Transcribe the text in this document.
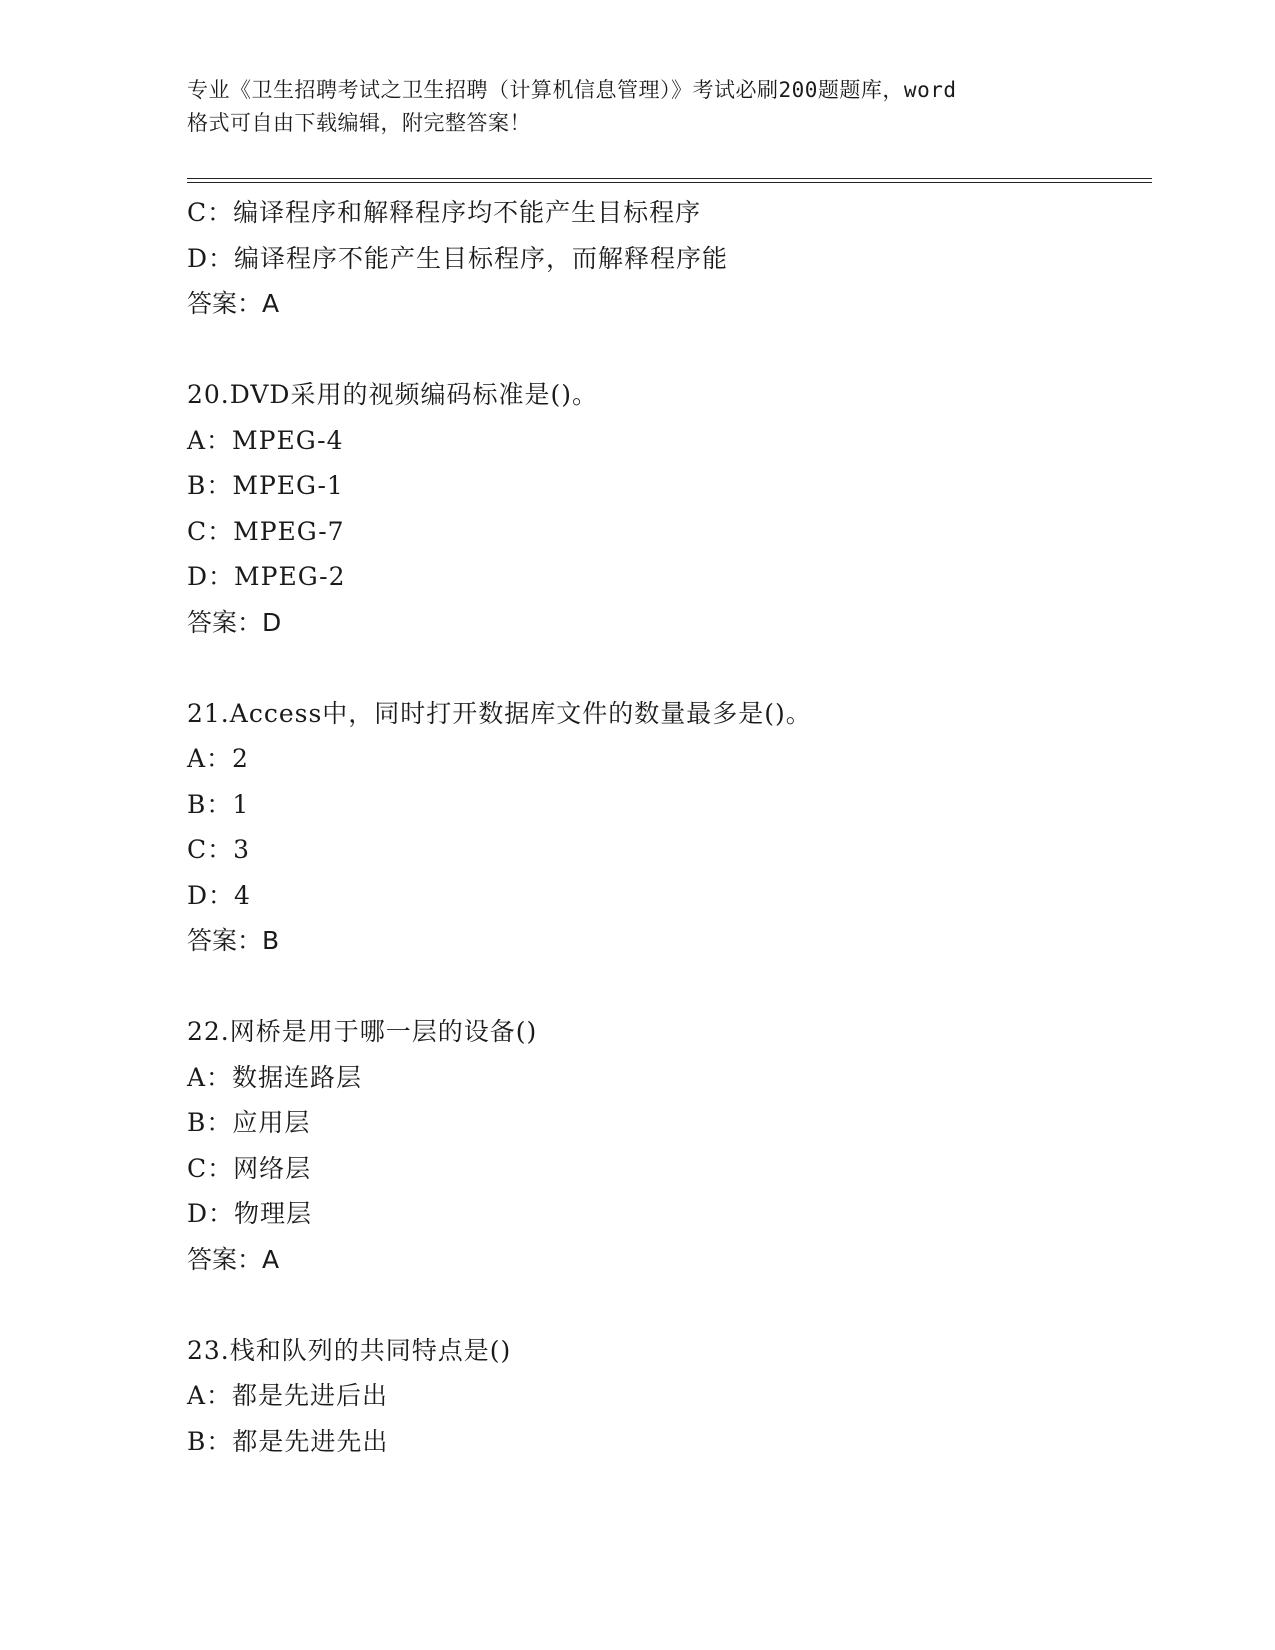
专业《卫生招聘考试之卫生招聘（计算机信息管理）》考试必刷200题题库，word
格式可自由下载编辑，附完整答案！
C：编译程序和解释程序均不能产生目标程序
D：编译程序不能产生目标程序，而解释程序能
答案：A
20.DVD采用的视频编码标准是()。
A：MPEG-4
B：MPEG-1
C：MPEG-7
D：MPEG-2
答案：D
21.Access中，同时打开数据库文件的数量最多是()。
A：2
B：1
C：3
D：4
答案：B
22.网桥是用于哪一层的设备()
A：数据连路层
B：应用层
C：网络层
D：物理层
答案：A
23.栈和队列的共同特点是()
A：都是先进后出
B：都是先进先出
